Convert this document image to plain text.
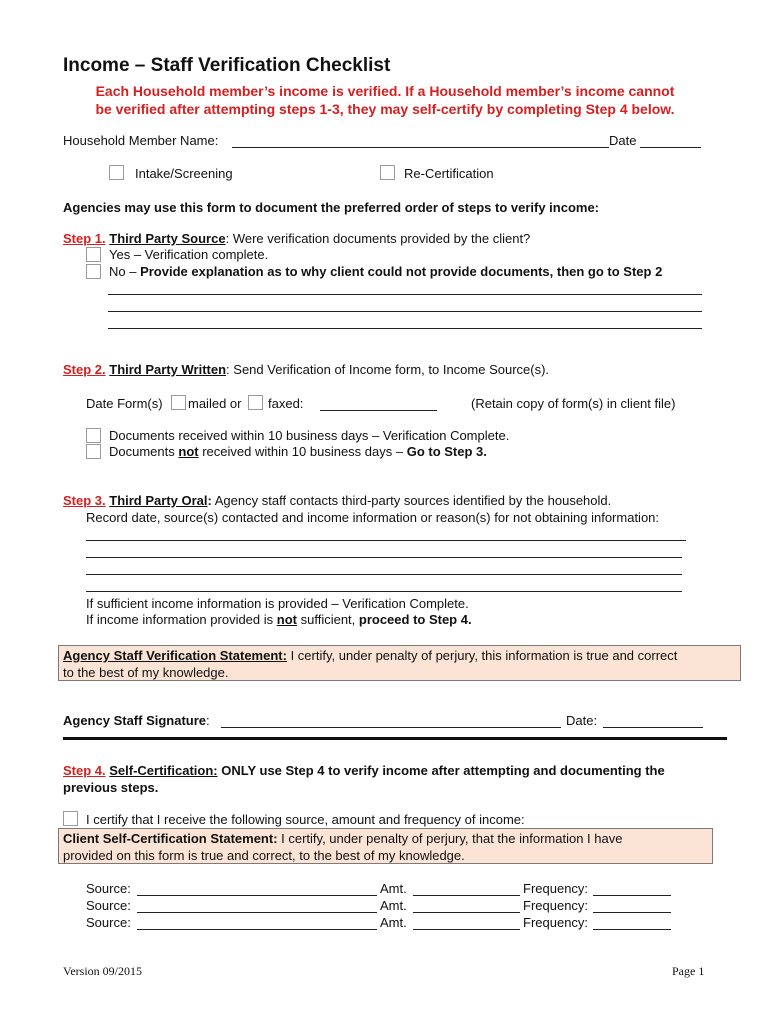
Income – Staff Verification Checklist
Each Household member’s income is verified. If a Household member’s income cannot
be verified after attempting steps 1-3, they may self-certify by completing Step 4 below.
Household Member Name:	Date
Intake/Screening	Re-Certification
Agencies may use this form to document the preferred order of steps to verify income:
Step 1. Third Party Source: Were verification documents provided by the client?
Yes – Verification complete.
No – Provide explanation as to why client could not provide documents, then go to Step 2
Step 2. Third Party Written: Send Verification of Income form, to Income Source(s).
Date Form(s) mailed or faxed:	(Retain copy of form(s) in client file)
Documents received within 10 business days – Verification Complete.
Documents not received within 10 business days – Go to Step 3.
Step 3. Third Party Oral: Agency staff contacts third-party sources identified by the household.
Record date, source(s) contacted and income information or reason(s) for not obtaining information:
If sufficient income information is provided – Verification Complete.
If income information provided is not sufficient, proceed to Step 4.
Agency Staff Verification Statement: I certify, under penalty of perjury, this information is true and correct
to the best of my knowledge.
Agency Staff Signature:	Date:
Step 4. Self-Certification: ONLY use Step 4 to verify income after attempting and documenting the
previous steps.
I certify that I receive the following source, amount and frequency of income:
Client Self-Certification Statement: I certify, under penalty of perjury, that the information I have
provided on this form is true and correct, to the best of my knowledge.
Source:	Amt.	Frequency:
Source:	Amt.	Frequency:
Source:	Amt.	Frequency:
Version 09/2015	Page 1
